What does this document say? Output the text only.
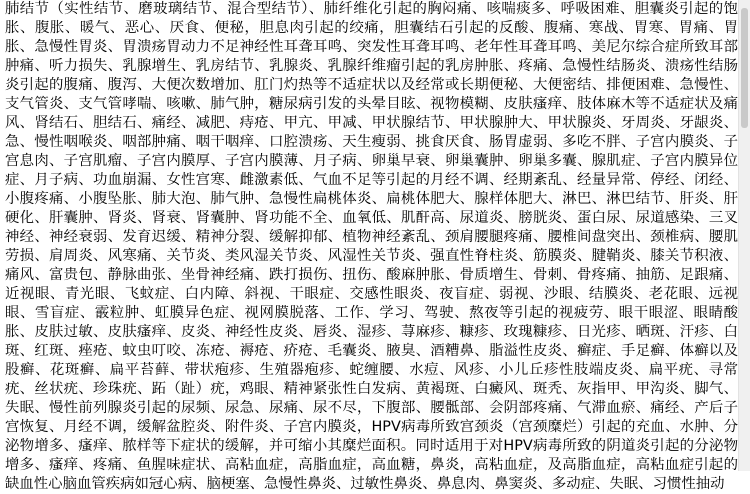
肺结节（实性结节、磨玻璃结节、混合型结节）、肺纤维化引起的胸闷痛、咳喘痰多、呼吸困难、胆囊炎引起的饱胀、腹胀、暖气、恶心、厌食、便秘，胆息肉引起的绞痛，胆囊结石引起的反酸、腹痛、寒战、胃寒、胃痛、胃胀、急慢性胃炎、胃溃疡胃动力不足神经性耳聋耳鸣、突发性耳聋耳鸣、老年性耳聋耳鸣、美尼尔综合症所致耳部肿痛、听力损失、乳腺增生、乳房结节、乳腺炎、乳腺纤维瘤引起的乳房肿胀、疼痛、急慢性结肠炎、溃疡性结肠炎引起的腹痛、腹泻、大便次数增加、肛门灼热等不适症状以及经常或长期便秘、大便密结、排便困难、急慢性、支气管炎、支气管哮喘、咳嗽、肺气肿，糖尿病引发的头晕目眩、视物模糊、皮肤瘙痒、肢体麻木等不适症状及痛风、肾结石、胆结石、痛经、减肥、痔疮、甲亢、甲减、甲状腺结节、甲状腺肿大、甲状腺炎、牙周炎、牙龈炎、急、慢性咽喉炎、咽部肿痛、咽干咽痒、口腔溃疡、天生瘦弱、挑食厌食、肠胃虚弱、多吃不胖、子宫内膜炎、子宫息肉、子宫肌瘤、子宫内膜厚、子宫内膜薄、月子病、卵巢早衰、卵巢囊肿、卵巢多囊、腺肌症、子宫内膜异位症、月子病、功血崩漏、女性宫寒、雌激素低、气血不足等引起的月经不调、经期紊乱、经量异常、停经、闭经、小腹疼痛、小腹坠胀、肺大泡、肺气肿、急慢性扁桃体炎、扁桃体肥大、腺样体肥大、淋巴、淋巴结节、肝炎、肝硬化、肝囊肿、肾炎、肾衰、肾囊肿、肾功能不全、血氧低、肌酐高、尿道炎、膀胱炎、蛋白尿、尿道感染、三叉神经、神经衰弱、发育迟缓、精神分裂、缓解抑郁、植物神经紊乱、颈肩腰腿疼痛、腰椎间盘突出、颈椎病、腰肌劳损、肩周炎、风寒痛、关节炎、类风湿关节炎、风湿性关节炎、强直性脊柱炎、筋膜炎、腱鞘炎、膝关节积液、痛风、富贵包、静脉曲张、坐骨神经痛、跌打损伤、扭伤、酸麻肿胀、骨质增生、骨刺、骨疼痛、抽筋、足跟痛、近视眼、青光眼、飞蚊症、白内障、斜视、干眼症、交感性眼炎、夜盲症、弱视、沙眼、结膜炎、老花眼、远视眼、雪盲症、霰粒肿、虹膜异色症、视网膜脱落、工作、学习、驾驶、熬夜等引起的视疲劳、眼干眼涩、眼睛酸胀、皮肤过敏、皮肤瘙痒、皮炎、神经性皮炎、唇炎、湿疹、荨麻疹、糠疹、玫瑰糠疹、日光疹、晒斑、汗疹、白斑、红斑、痤疮、蚊虫叮咬、冻疮、褥疮、疥疮、毛囊炎、腋臭、酒糟鼻、脂溢性皮炎、癣症、手足癣、体癣以及股癣、花斑癣、扁平苔藓、带状疱疹、生殖器疱疹、蛇缠腰、水痘、风疹、小儿丘疹性肢端皮炎、扁平疣、寻常疣、丝状疣、珍珠疣、跖（趾）疣，鸡眼、精神紧张性白发病、黄褐斑、白癜风、斑秃、灰指甲、甲沟炎、脚气、失眠、慢性前列腺炎引起的尿频、尿急、尿痛、尿不尽，下腹部、腰骶部、会阴部疼痛、气滞血瘀、痛经、产后子宫恢复、月经不调，缓解盆腔炎、附件炎、子宫内膜炎，HPV病毒所致宫颈炎（宫颈糜烂）引起的充血、水肿、分泌物增多、瘙痒、脓样等下症状的缓解，并可缩小其糜烂面积。同时适用于对HPV病毒所致的阴道炎引起的分泌物增多、瘙痒、疼痛、鱼腥味症状、高粘血症，高脂血症，高血糖，鼻炎，高粘血症，及高脂血症，高粘血症引起的缺血性心脑血管疾病如冠心病、脑梗塞、急慢性鼻炎、过敏性鼻炎、鼻息肉、鼻窦炎、多动症、失眠、习惯性抽动
